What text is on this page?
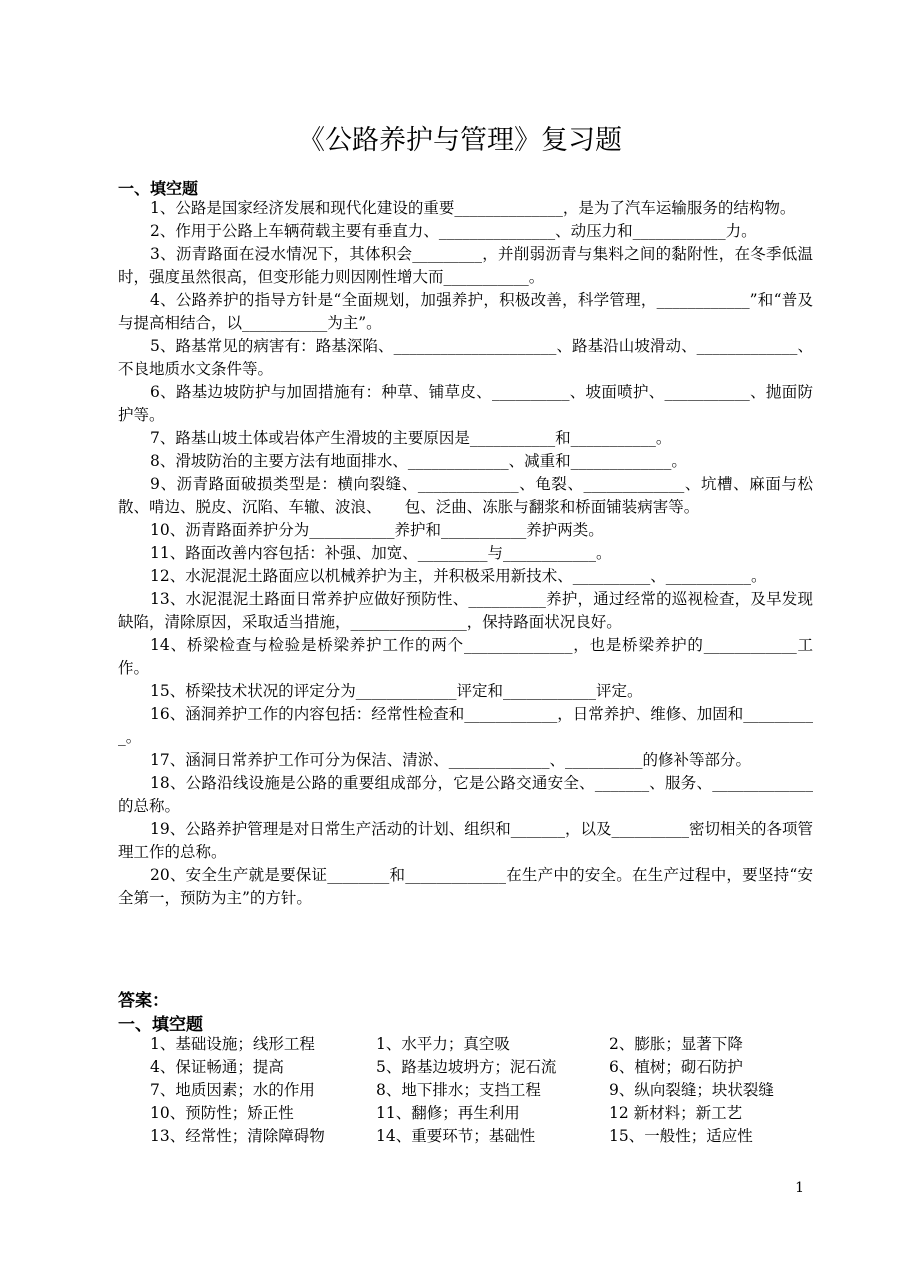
《公路养护与管理》复习题
一、填空题
1、公路是国家经济发展和现代化建设的重要______________，是为了汽车运输服务的结构物。
2、作用于公路上车辆荷载主要有垂直力、_______________、动压力和____________力。
3、沥青路面在浸水情况下，其体积会_________，并削弱沥青与集料之间的黏附性，在冬季低温时，强度虽然很高，但变形能力则因刚性增大而___________。
4、公路养护的指导方针是“全面规划，加强养护，积极改善，科学管理，____________”和“普及与提高相结合，以___________为主”。
5、路基常见的病害有：路基深陷、_____________________、路基沿山坡滑动、_____________、不良地质水文条件等。
6、路基边坡防护与加固措施有：种草、铺草皮、__________、坡面喷护、___________、抛面防护等。
7、路基山坡土体或岩体产生滑坡的主要原因是___________和___________。
8、滑坡防治的主要方法有地面排水、_____________、减重和_____________。
9、沥青路面破损类型是：横向裂缝、_____________、龟裂、_____________、坑槽、麻面与松散、啃边、脱皮、沉陷、车辙、波浪、　　包、泛曲、冻胀与翻浆和桥面铺装病害等。
10、沥青路面养护分为___________养护和___________养护两类。
11、路面改善内容包括：补强、加宽、_________与____________。
12、水泥混泥土路面应以机械养护为主，并积极采用新技术、__________、___________。
13、水泥混泥土路面日常养护应做好预防性、__________养护，通过经常的巡视检查，及早发现缺陷，清除原因，采取适当措施，_______________，保持路面状况良好。
14、桥梁检查与检验是桥梁养护工作的两个______________，也是桥梁养护的____________工作。
15、桥梁技术状况的评定分为_____________评定和____________评定。
16、涵洞养护工作的内容包括：经常性检查和____________，日常养护、维修、加固和__________。
17、涵洞日常养护工作可分为保洁、清淤、_____________、__________的修补等部分。
18、公路沿线设施是公路的重要组成部分，它是公路交通安全、_______、服务、_____________的总称。
19、公路养护管理是对日常生产活动的计划、组织和_______，以及__________密切相关的各项管理工作的总称。
20、安全生产就是要保证________和_____________在生产中的安全。在生产过程中，要坚持“安全第一，预防为主”的方针。
答案：
一、填空题
1、基础设施；线形工程	1、水平力；真空吸	2、膨胀；显著下降
4、保证畅通；提高	5、路基边坡坍方；泥石流	6、植树；砌石防护
7、地质因素；水的作用	8、地下排水；支挡工程	9、纵向裂缝；块状裂缝
10、预防性；矫正性	11、翻修；再生利用	12 新材料；新工艺
13、经常性；清除障碍物	14、重要环节；基础性	15、一般性；适应性
1
